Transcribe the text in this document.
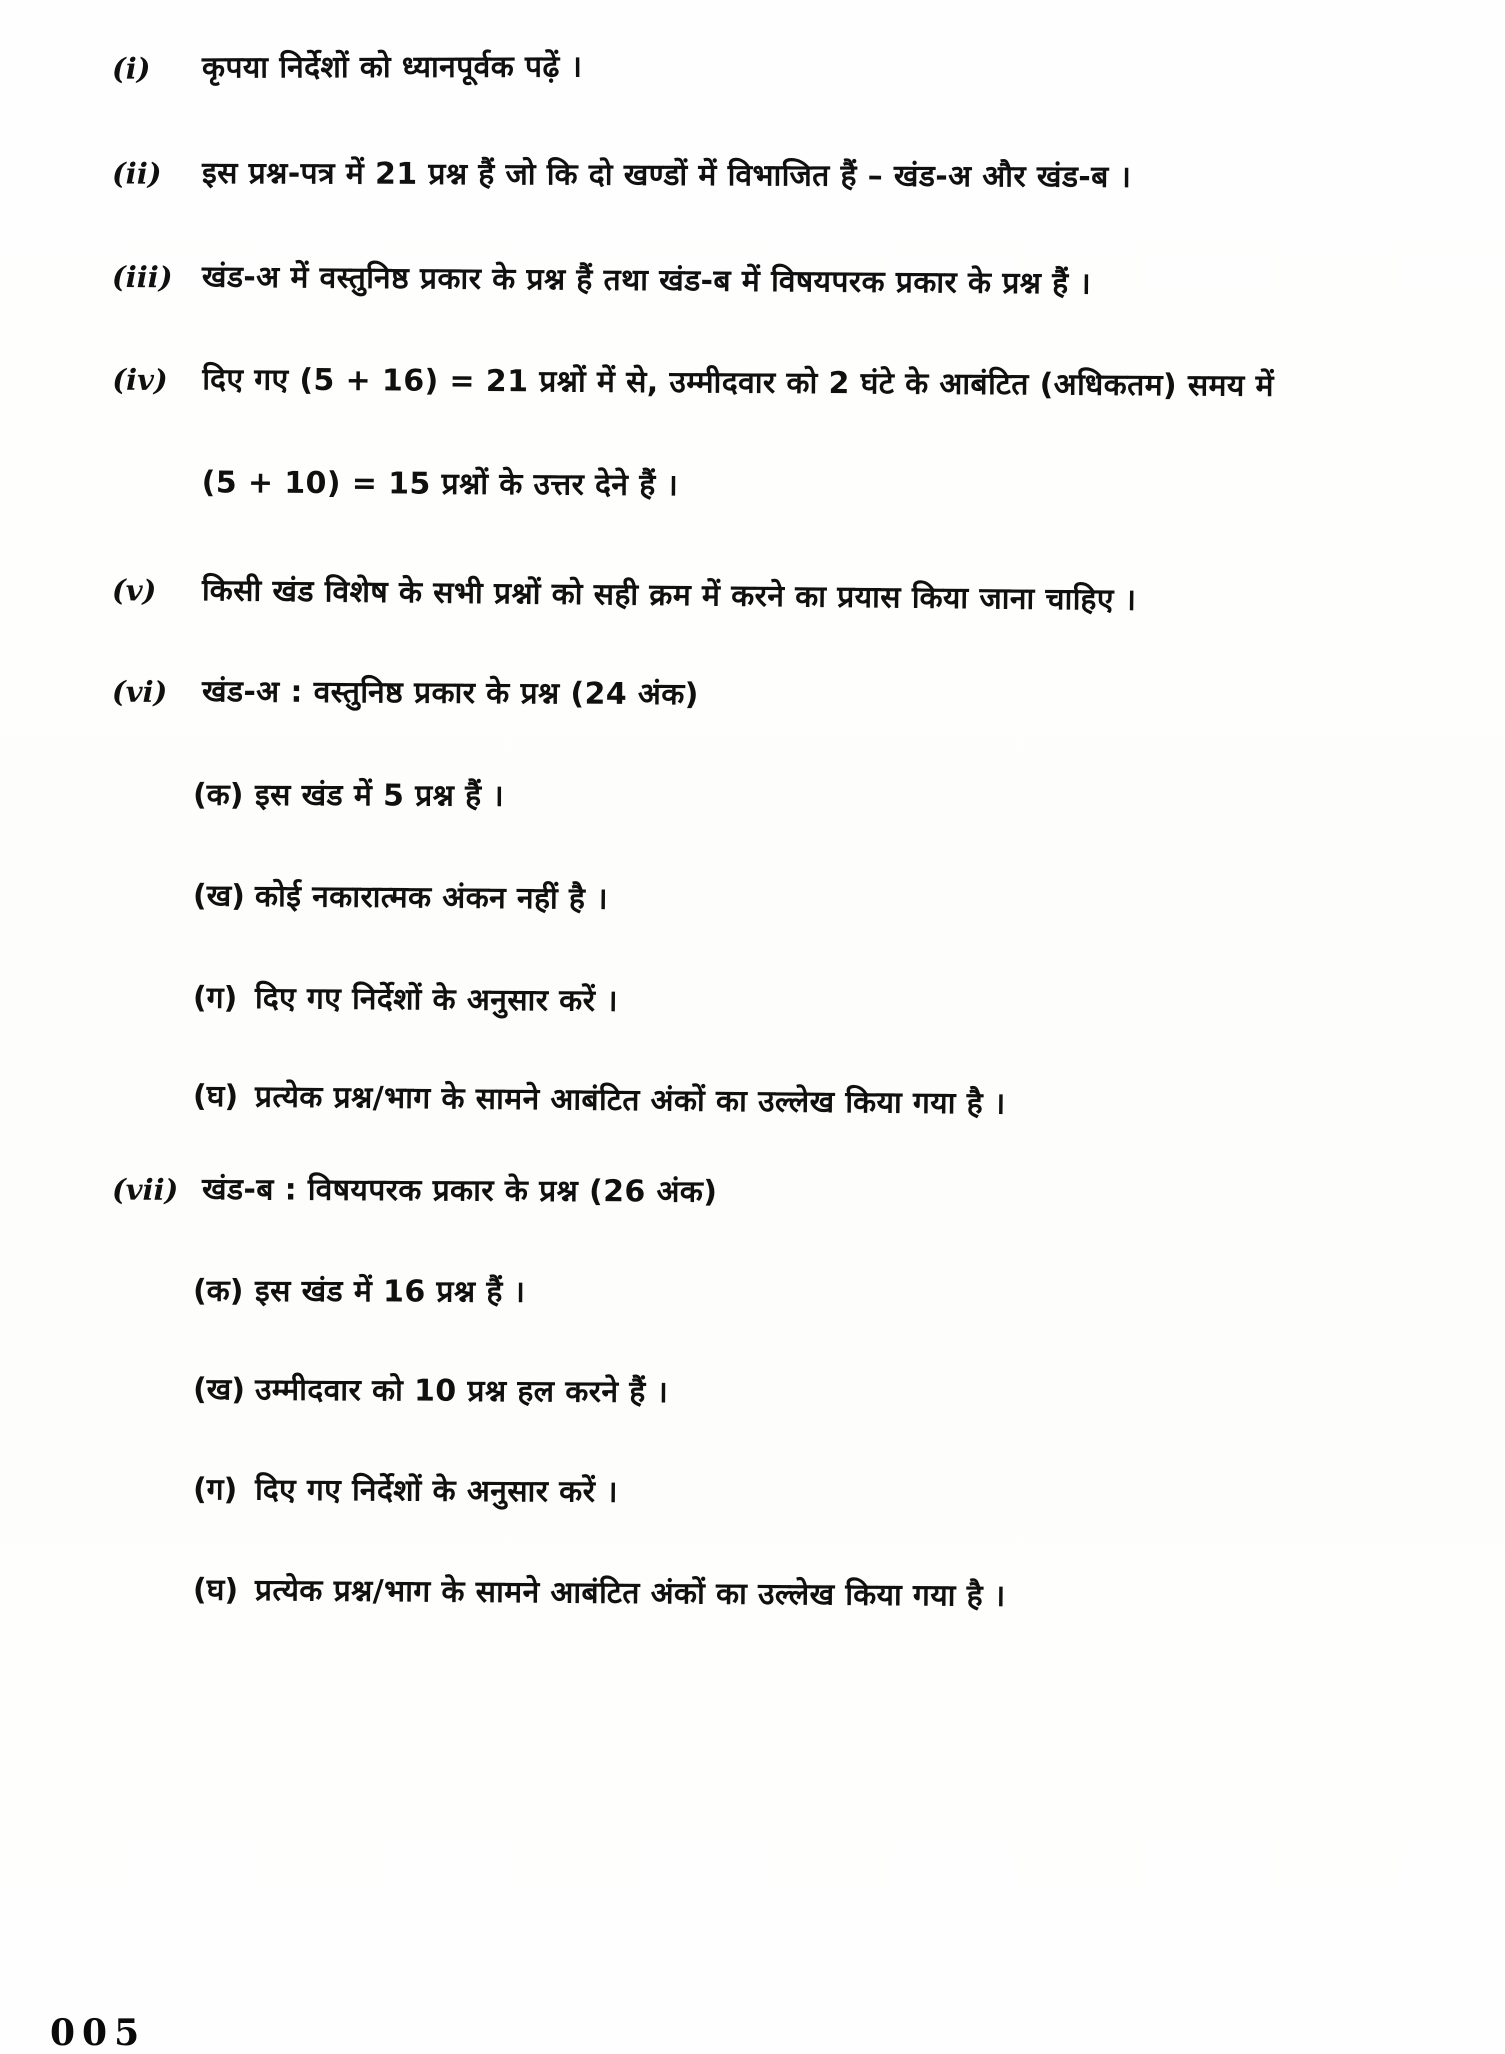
(i)	कृपया निर्देशों को ध्यानपूर्वक पढ़ें ।
(ii)	इस प्रश्न-पत्र में 21 प्रश्न हैं जो कि दो खण्डों में विभाजित हैं – खंड-अ और खंड-ब ।
(iii) खंड-अ में वस्तुनिष्ठ प्रकार के प्रश्न हैं तथा खंड-ब में विषयपरक प्रकार के प्रश्न हैं ।
(iv)	दिए गए (5 + 16) = 21 प्रश्नों में से, उम्मीदवार को 2 घंटे के आबंटित (अधिकतम) समय में
(5 + 10) = 15 प्रश्नों के उत्तर देने हैं ।
(v)	किसी खंड विशेष के सभी प्रश्नों को सही क्रम में करने का प्रयास किया जाना चाहिए ।
(vi)	खंड-अ : वस्तुनिष्ठ प्रकार के प्रश्न (24 अंक)
(क) इस खंड में 5 प्रश्न हैं ।
(ख) कोई नकारात्मक अंकन नहीं है ।
(ग) दिए गए निर्देशों के अनुसार करें ।
(घ) प्रत्येक प्रश्न/भाग के सामने आबंटित अंकों का उल्लेख किया गया है ।
(vii) खंड-ब : विषयपरक प्रकार के प्रश्न (26 अंक)
(क) इस खंड में 16 प्रश्न हैं ।
(ख) उम्मीदवार को 10 प्रश्न हल करने हैं ।
(ग) दिए गए निर्देशों के अनुसार करें ।
(घ) प्रत्येक प्रश्न/भाग के सामने आबंटित अंकों का उल्लेख किया गया है ।
005
